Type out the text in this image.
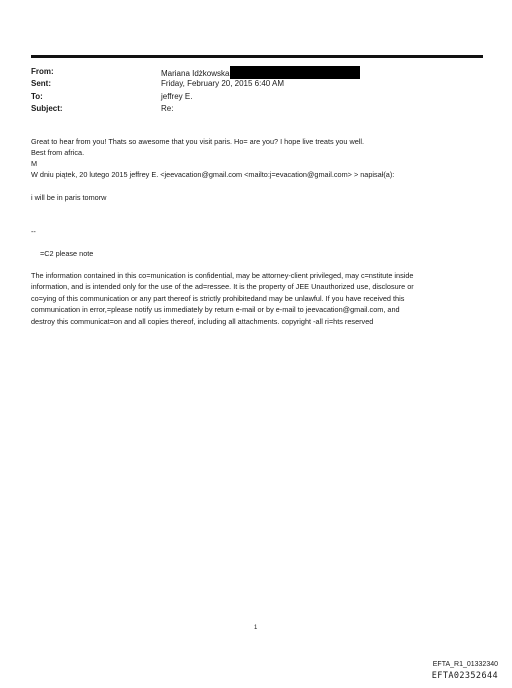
From:	Mariana Idżkowska
Sent:	Friday, February 20, 2015 6:40 AM
To:	jeffrey E.
Subject:	Re:
Great to hear from you! Thats so awesome that you visit paris. Ho= are you? I hope live treats you well.
Best from africa.
M
W dniu piątek, 20 lutego 2015 jeffrey E. <jeevacation@gmail.com <mailto:j=evacation@gmail.com> > napisał(a):
i will be in paris tomorw
--
=C2 please note
The information contained in this co=munication is confidential, may be attorney-client privileged, may c=nstitute inside
information, and is intended only for the use of the ad=ressee. It is the property of JEE Unauthorized use, disclosure or
co=ying of this communication or any part thereof is strictly prohibitedand may be unlawful. If you have received this
communication in error,=please notify us immediately by return e-mail or by e-mail to jeevacation@gmail.com, and
destroy this communicat=on and all copies thereof, including all attachments. copyright -all ri=hts reserved
1
EFTA_R1_01332340
EFTA02352644
